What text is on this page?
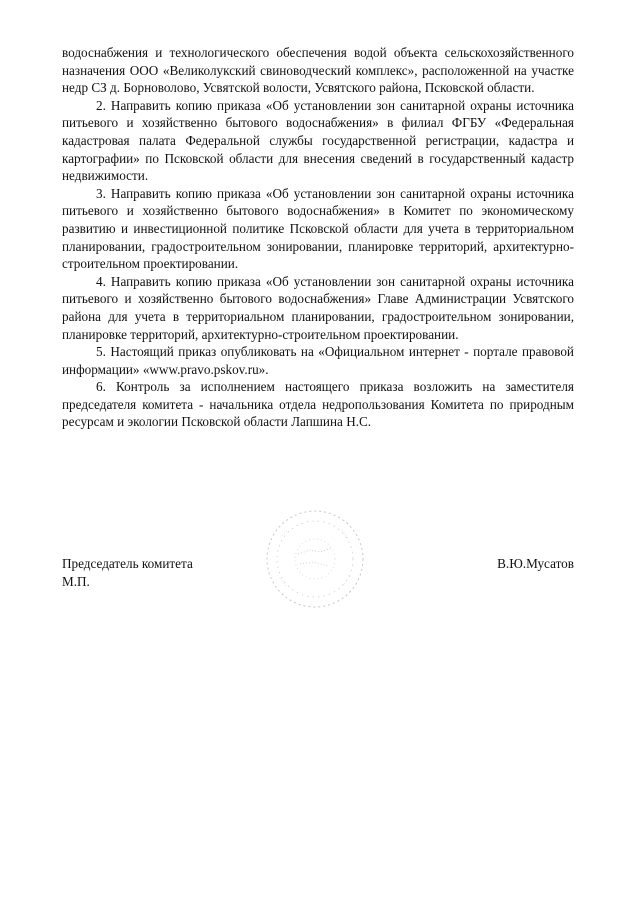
водоснабжения и технологического обеспечения водой объекта сельскохозяйственного назначения ООО «Великолукский свиноводческий комплекс», расположенной на участке недр СЗ д. Борноволово, Усвятской волости, Усвятского района, Псковской области.

2. Направить копию приказа «Об установлении зон санитарной охраны источника питьевого и хозяйственно бытового водоснабжения» в филиал ФГБУ «Федеральная кадастровая палата Федеральной службы государственной регистрации, кадастра и картографии» по Псковской области для внесения сведений в государственный кадастр недвижимости.

3. Направить копию приказа «Об установлении зон санитарной охраны источника питьевого и хозяйственно бытового водоснабжения» в Комитет по экономическому развитию и инвестиционной политике Псковской области для учета в территориальном планировании, градостроительном зонировании, планировке территорий, архитектурно-строительном проектировании.

4. Направить копию приказа «Об установлении зон санитарной охраны источника питьевого и хозяйственно бытового водоснабжения» Главе Администрации Усвятского района для учета в территориальном планировании, градостроительном зонировании, планировке территорий, архитектурно-строительном проектировании.

5. Настоящий приказ опубликовать на «Официальном интернет - портале правовой информации» «www.pravo.pskov.ru».

6. Контроль за исполнением настоящего приказа возложить на заместителя председателя комитета - начальника отдела недропользования Комитета по природным ресурсам и экологии Псковской области Лапшина Н.С.

Председатель комитета
М.П.
В.Ю.Мусатов
